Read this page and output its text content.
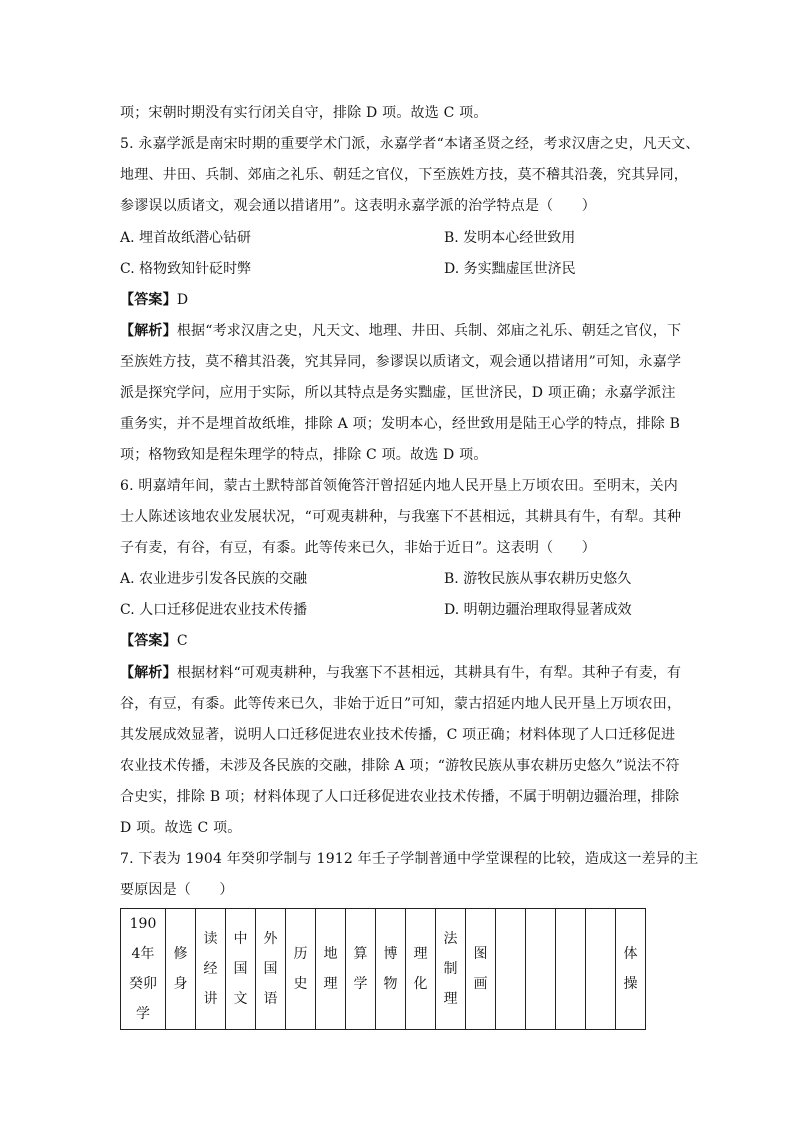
项；宋朝时期没有实行闭关自守，排除 D 项。故选 C 项。
5. 永嘉学派是南宋时期的重要学术门派，永嘉学者“本诸圣贤之经，考求汉唐之史，凡天文、
地理、井田、兵制、郊庙之礼乐、朝廷之官仪，下至族姓方技，莫不稽其沿袭，究其异同，
参谬误以质诸文，观会通以措诸用”。这表明永嘉学派的治学特点是（　　）
A. 埋首故纸潜心钻研	B. 发明本心经世致用
C. 格物致知针砭时弊	D. 务实黜虚匡世济民
【答案】D
【解析】根据“考求汉唐之史，凡天文、地理、井田、兵制、郊庙之礼乐、朝廷之官仪，下
至族姓方技，莫不稽其沿袭，究其异同，参谬误以质诸文，观会通以措诸用”可知，永嘉学
派是探究学问，应用于实际，所以其特点是务实黜虚，匡世济民，D 项正确；永嘉学派注
重务实，并不是埋首故纸堆，排除 A 项；发明本心，经世致用是陆王心学的特点，排除 B
项；格物致知是程朱理学的特点，排除 C 项。故选 D 项。
6. 明嘉靖年间，蒙古土默特部首领俺答汗曾招延内地人民开垦上万顷农田。至明末，关内
士人陈述该地农业发展状况，“可观夷耕种，与我塞下不甚相远，其耕具有牛，有犁。其种
子有麦，有谷，有豆，有黍。此等传来已久，非始于近日”。这表明（　　）
A. 农业进步引发各民族的交融	B. 游牧民族从事农耕历史悠久
C. 人口迁移促进农业技术传播	D. 明朝边疆治理取得显著成效
【答案】C
【解析】根据材料“可观夷耕种，与我塞下不甚相远，其耕具有牛，有犁。其种子有麦，有
谷，有豆，有黍。此等传来已久，非始于近日”可知，蒙古招延内地人民开垦上万顷农田，
其发展成效显著，说明人口迁移促进农业技术传播，C 项正确；材料体现了人口迁移促进
农业技术传播，未涉及各民族的交融，排除 A 项；“游牧民族从事农耕历史悠久”说法不符
合史实，排除 B 项；材料体现了人口迁移促进农业技术传播，不属于明朝边疆治理，排除
D 项。故选 C 项。
7. 下表为 1904 年癸卯学制与 1912 年壬子学制普通中学堂课程的比较，造成这一差异的主
要原因是（　　）
1904年癸卯学	修身	读经讲	中国文	外国语	历史	地理	算学	博物	理化	法制理	图画					体操
